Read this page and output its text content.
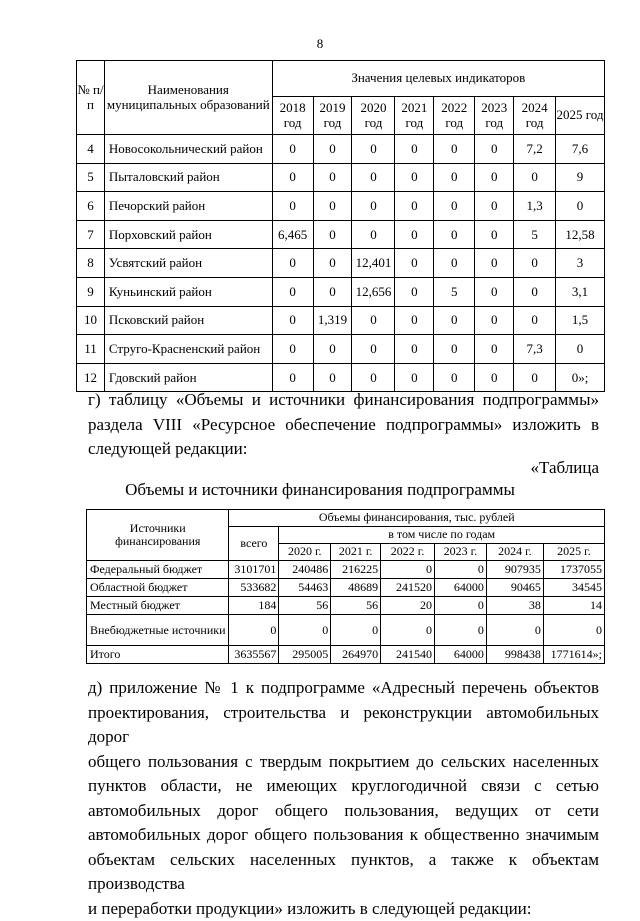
8
№ п/п	Наименования муниципальных образований	Значения целевых индикаторов							
		2018 год	2019 год	2020 год	2021 год	2022 год	2023 год	2024 год	2025 год
4	Новосокольнический район	0	0	0	0	0	0	7,2	7,6
5	Пыталовский район	0	0	0	0	0	0	0	9
6	Печорский район	0	0	0	0	0	0	1,3	0
7	Порховский район	6,465	0	0	0	0	0	5	12,58
8	Усвятский район	0	0	12,401	0	0	0	0	3
9	Куньинский район	0	0	12,656	0	5	0	0	3,1
10	Псковский район	0	1,319	0	0	0	0	0	1,5
11	Струго-Красненский район	0	0	0	0	0	0	7,3	0
12	Гдовский район	0	0	0	0	0	0	0	0»;
г) таблицу «Объемы и источники финансирования подпрограммы»
раздела VIII «Ресурсное обеспечение подпрограммы» изложить в
следующей редакции:
«Таблица
Объемы и источники финансирования подпрограммы
Источники финансирования	Объемы финансирования, тыс. рублей						
	всего	в том числе по годам					
		2020 г.	2021 г.	2022 г.	2023 г.	2024 г.	2025 г.
Федеральный бюджет	3101701	240486	216225	0	0	907935	1737055
Областной бюджет	533682	54463	48689	241520	64000	90465	34545
Местный бюджет	184	56	56	20	0	38	14
Внебюджетные источники	0	0	0	0	0	0	0
Итого	3635567	295005	264970	241540	64000	998438	1771614»;
д) приложение № 1 к подпрограмме «Адресный перечень объектов
проектирования, строительства и реконструкции автомобильных дорог
общего пользования с твердым покрытием до сельских населенных
пунктов области, не имеющих круглогодичной связи с сетью
автомобильных дорог общего пользования, ведущих от сети
автомобильных дорог общего пользования к общественно значимым
объектам сельских населенных пунктов, а также к объектам производства
и переработки продукции» изложить в следующей редакции:
